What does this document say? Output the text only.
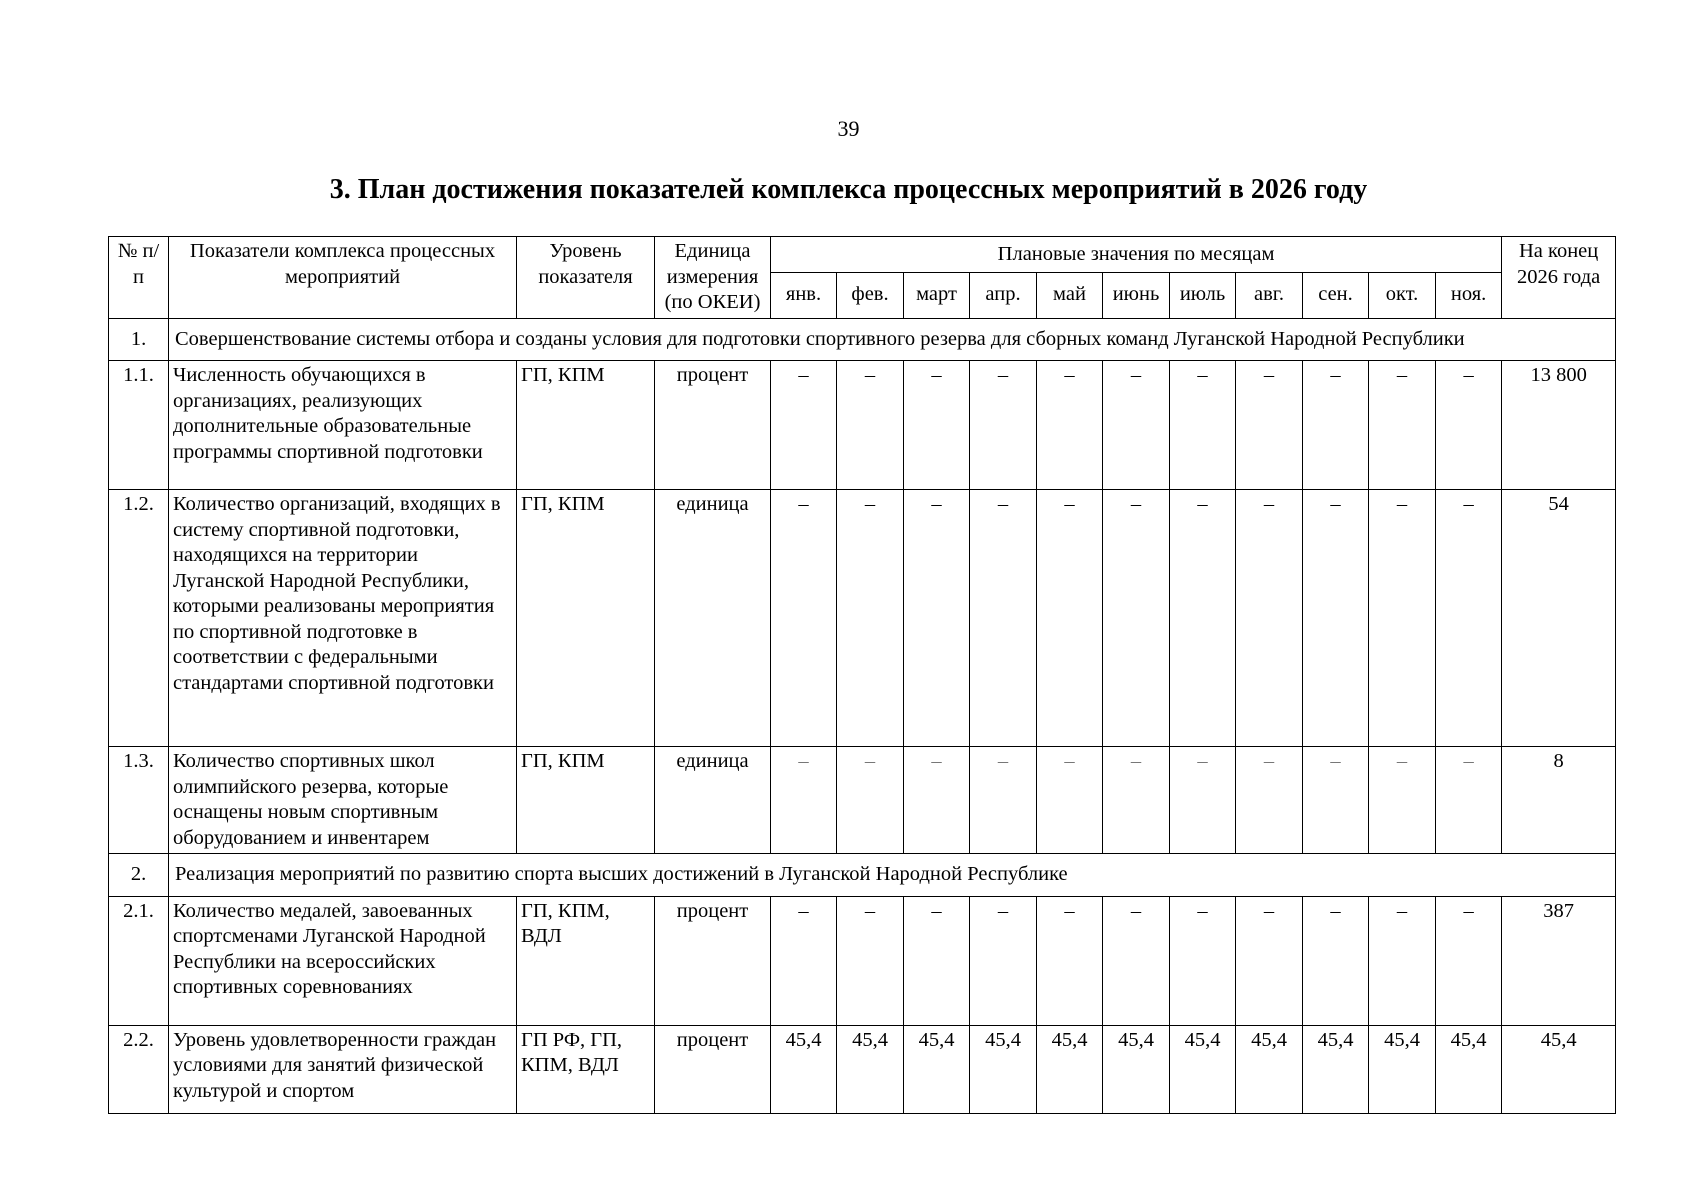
39
3. План достижения показателей комплекса процессных мероприятий в 2026 году
№ п/п	Показатели комплекса процессных мероприятий	Уровень показателя	Единица измерения (по ОКЕИ)	Плановые значения по месяцам											На конец 2026 года
				янв.	фев.	март	апр.	май	июнь	июль	авг.	сен.	окт.	ноя.	
1.	Совершенствование системы отбора и созданы условия для подготовки спортивного резерва для сборных команд Луганской Народной Республики														
1.1.	Численность обучающихся в организациях, реализующих дополнительные образовательные программы спортивной подготовки	ГП, КПМ	процент	–	–	–	–	–	–	–	–	–	–	–	13 800
1.2.	Количество организаций, входящих в систему спортивной подготовки, находящихся на территории Луганской Народной Республики, которыми реализованы мероприятия по спортивной подготовке в соответствии с федеральными стандартами спортивной подготовки	ГП, КПМ	единица	–	–	–	–	–	–	–	–	–	–	–	54
1.3.	Количество спортивных школ олимпийского резерва, которые оснащены новым спортивным оборудованием и инвентарем	ГП, КПМ	единица	–	–	–	–	–	–	–	–	–	–	–	8
2.	Реализация мероприятий по развитию спорта высших достижений в Луганской Народной Республике														
2.1.	Количество медалей, завоеванных спортсменами Луганской Народной Республики на всероссийских спортивных соревнованиях	ГП, КПМ, ВДЛ	процент	–	–	–	–	–	–	–	–	–	–	–	387
2.2.	Уровень удовлетворенности граждан условиями для занятий физической культурой и спортом	ГП РФ, ГП, КПМ, ВДЛ	процент	45,4	45,4	45,4	45,4	45,4	45,4	45,4	45,4	45,4	45,4	45,4	45,4
